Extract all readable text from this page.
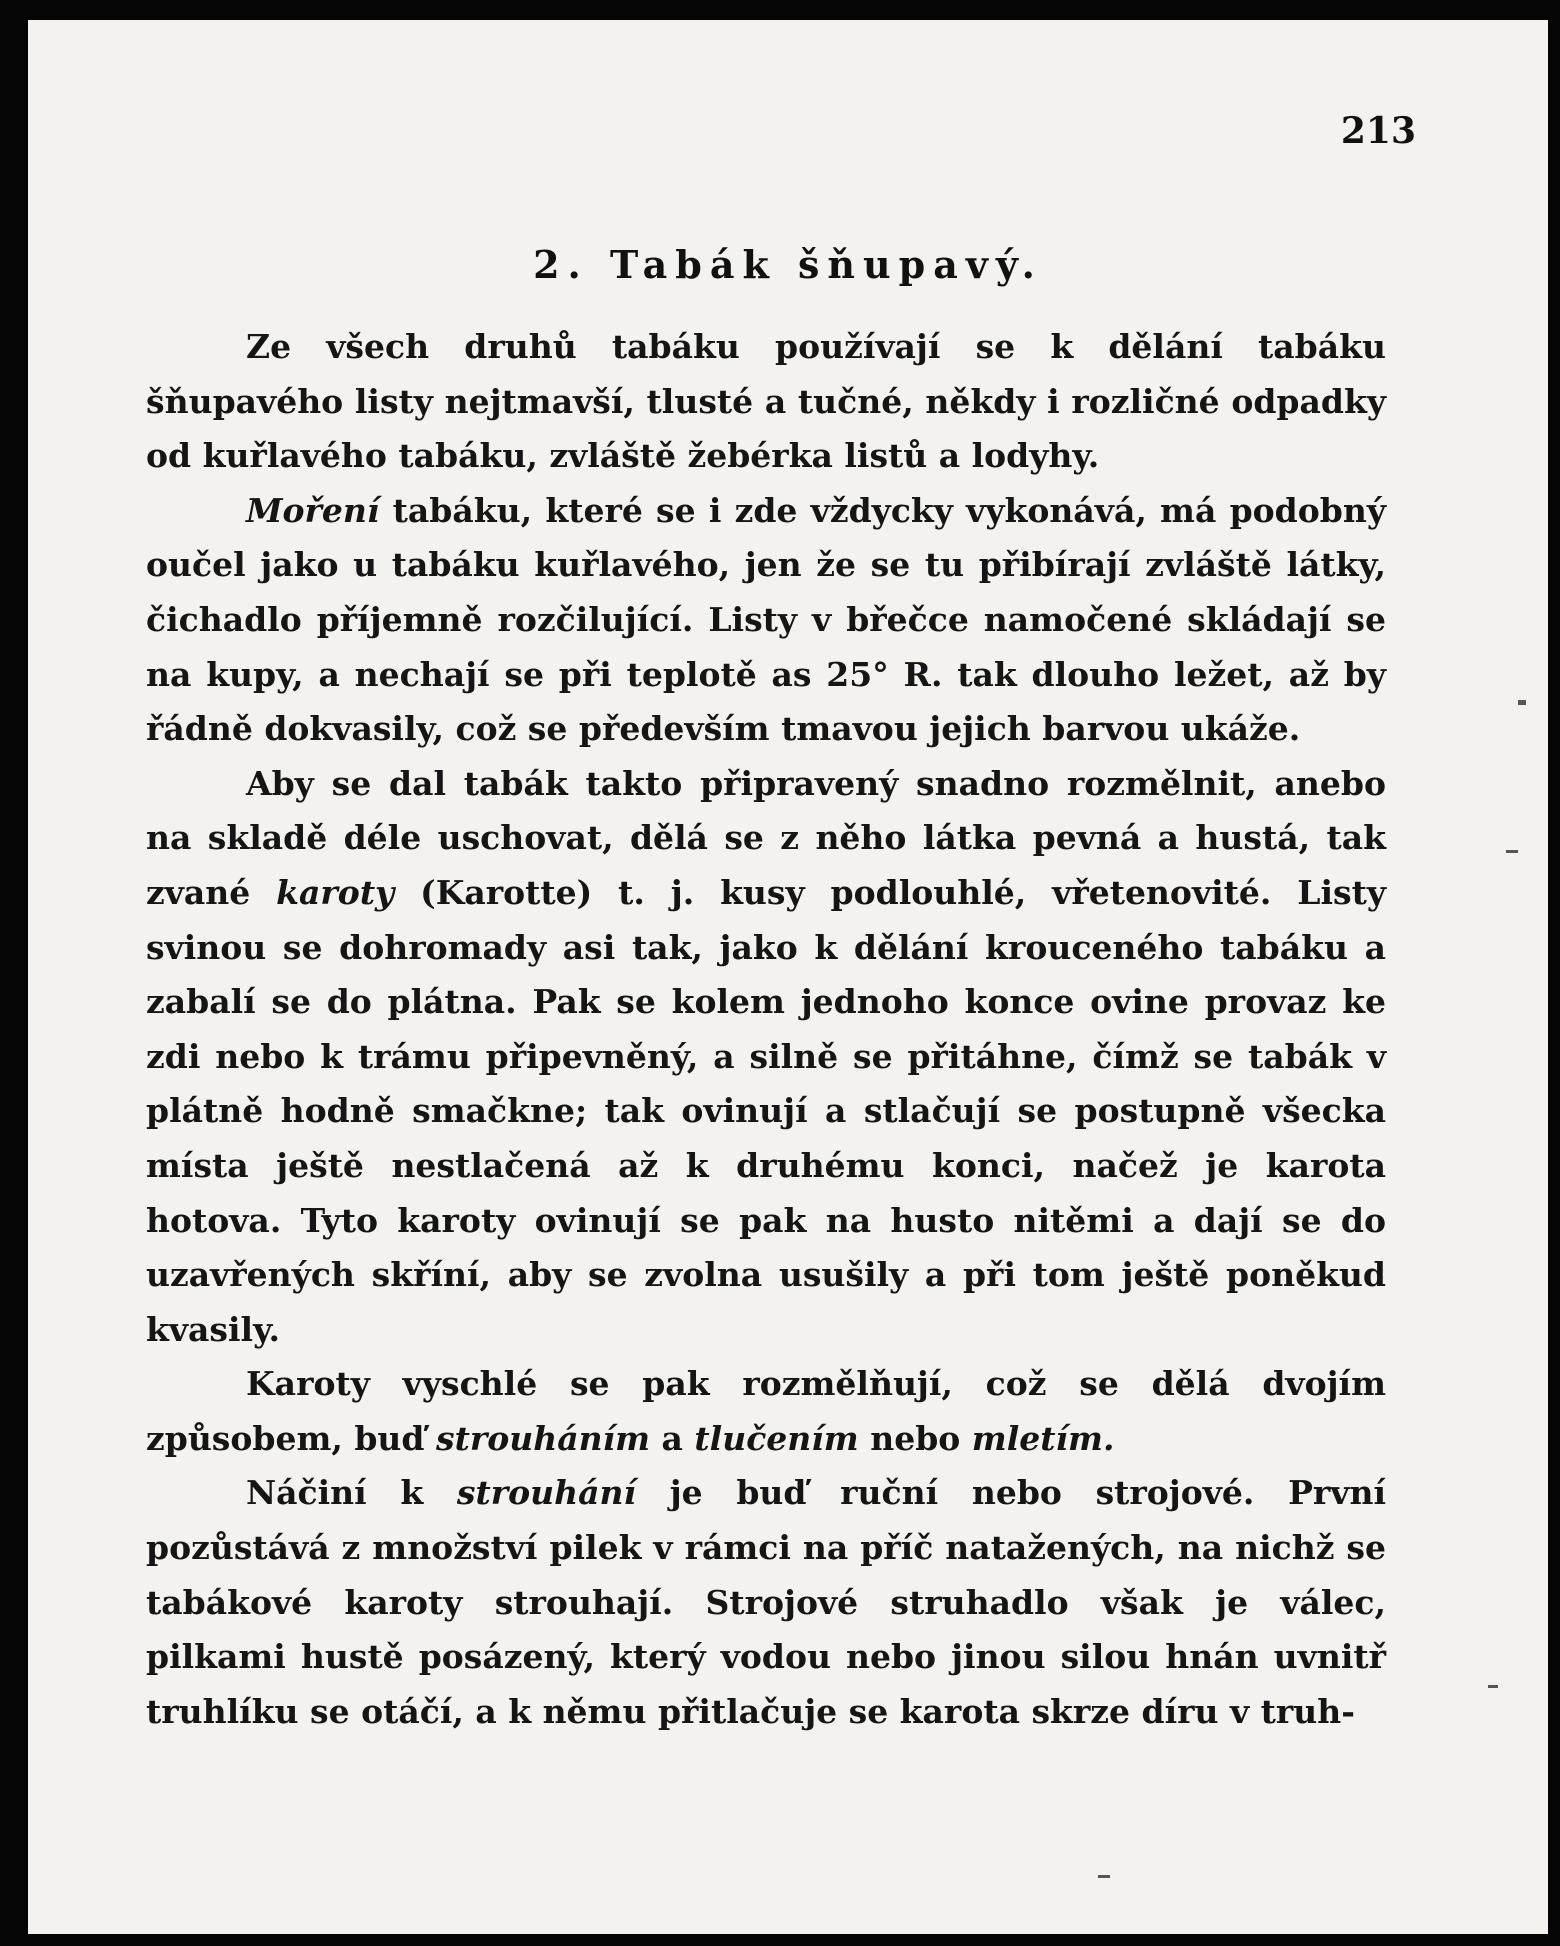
213
2. Tabák šňupavý.

Ze všech druhů tabáku používají se k dělání tabáku šňupavého listy nejtmavší, tlusté a tučné, někdy i rozličné odpadky od kuřlavého tabáku, zvláště žebérka listů a lodyhy.

Moření tabáku, které se i zde vždycky vykonává, má podobný oučel jako u tabáku kuřlavého, jen že se tu přibírají zvláště látky, čichadlo příjemně rozčilující. Listy v břečce namočené skládají se na kupy, a nechají se při teplotě as 25° R. tak dlouho ležet, až by řádně dokvasily, což se především tmavou jejich barvou ukáže.

Aby se dal tabák takto připravený snadno rozmělnit, anebo na skladě déle uschovat, dělá se z něho látka pevná a hustá, tak zvané karoty (Karotte) t. j. kusy podlouhlé, vřetenovité. Listy svinou se dohromady asi tak, jako k dělání krouceného tabáku a zabalí se do plátna. Pak se kolem jednoho konce ovine provaz ke zdi nebo k trámu připevněný, a silně se přitáhne, čímž se tabák v plátně hodně smačkne; tak ovinují a stlačují se postupně všecka místa ještě nestlačená až k druhému konci, načež je karota hotova. Tyto karoty ovinují se pak na husto nitěmi a dají se do uzavřených skříní, aby se zvolna usušily a při tom ještě poněkud kvasily.

Karoty vyschlé se pak rozmělňují, což se dělá dvojím způsobem, buď strouháním a tlučením nebo mletím.

Náčiní k strouhání je buď ruční nebo strojové. První pozůstává z množství pilek v rámci na příč natažených, na nichž se tabákové karoty strouhají. Strojové struhadlo však je válec, pilkami hustě posázený, který vodou nebo jinou silou hnán uvnitř truhlíku se otáčí, a k němu přitlačuje se karota skrze díru v truh-
